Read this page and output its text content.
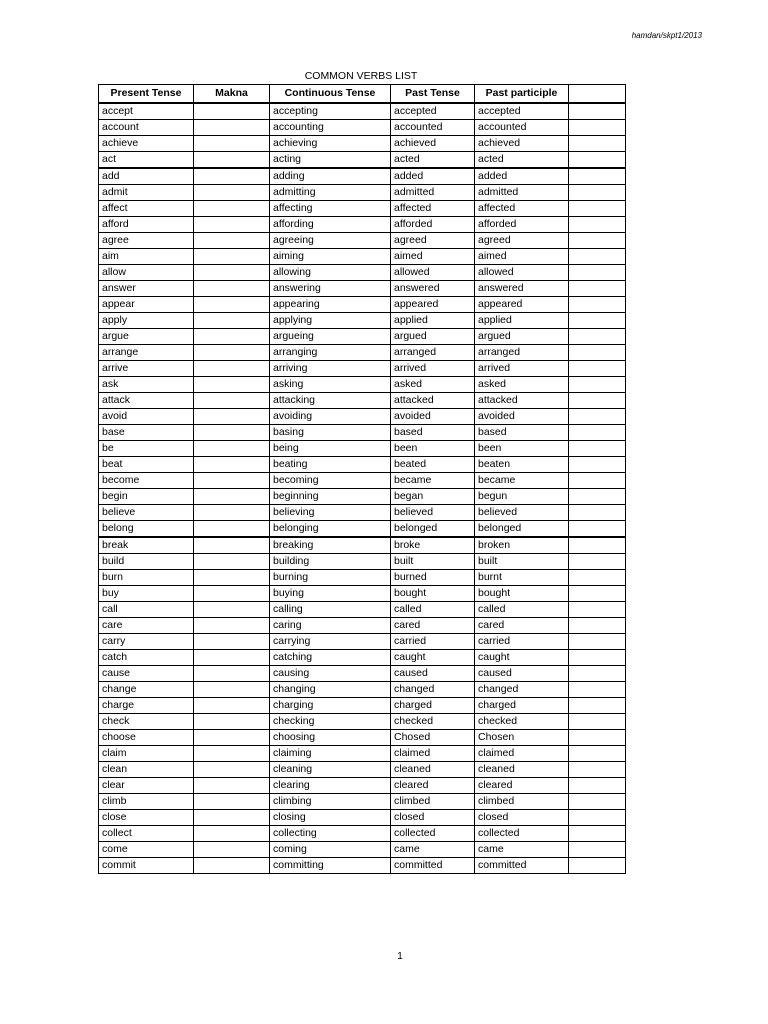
hamdan/skpt1/2013
COMMON VERBS LIST
Present Tense	Makna	Continuous Tense	Past Tense	Past participle	
accept		accepting	accepted	accepted	
account		accounting	accounted	accounted	
achieve		achieving	achieved	achieved	
act		acting	acted	acted	
add		adding	added	added	
admit		admitting	admitted	admitted	
affect		affecting	affected	affected	
afford		affording	afforded	afforded	
agree		agreeing	agreed	agreed	
aim		aiming	aimed	aimed	
allow		allowing	allowed	allowed	
answer		answering	answered	answered	
appear		appearing	appeared	appeared	
apply		applying	applied	applied	
argue		argueing	argued	argued	
arrange		arranging	arranged	arranged	
arrive		arriving	arrived	arrived	
ask		asking	asked	asked	
attack		attacking	attacked	attacked	
avoid		avoiding	avoided	avoided	
base		basing	based	based	
be		being	been	been	
beat		beating	beated	beaten	
become		becoming	became	became	
begin		beginning	began	begun	
believe		believing	believed	believed	
belong		belonging	belonged	belonged	
break		breaking	broke	broken	
build		building	built	built	
burn		burning	burned	burnt	
buy		buying	bought	bought	
call		calling	called	called	
care		caring	cared	cared	
carry		carrying	carried	carried	
catch		catching	caught	caught	
cause		causing	caused	caused	
change		changing	changed	changed	
charge		charging	charged	charged	
check		checking	checked	checked	
choose		choosing	Chosed	Chosen	
claim		claiming	claimed	claimed	
clean		cleaning	cleaned	cleaned	
clear		clearing	cleared	cleared	
climb		climbing	climbed	climbed	
close		closing	closed	closed	
collect		collecting	collected	collected	
come		coming	came	came	
commit		committing	committed	committed	
1
